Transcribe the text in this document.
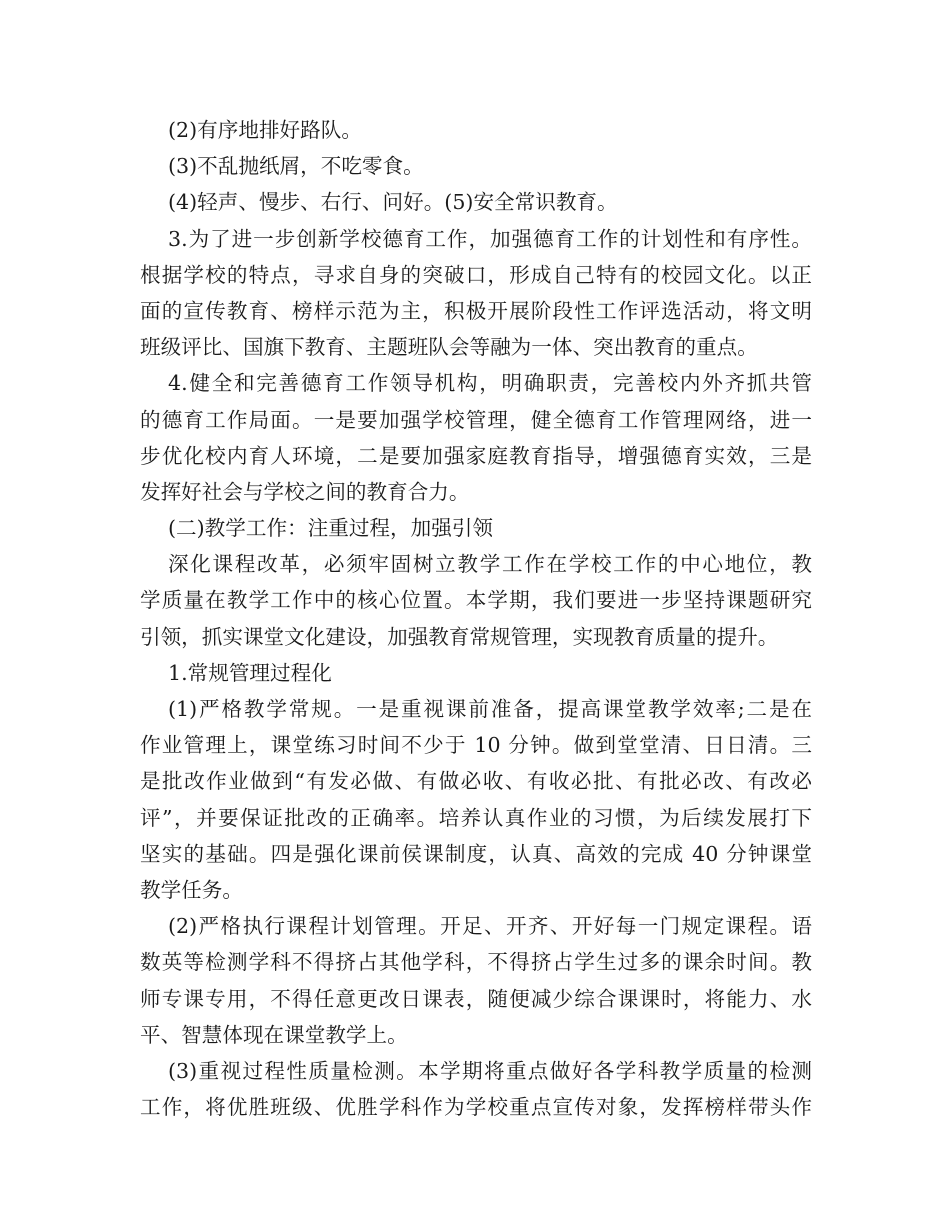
(2)有序地排好路队。
(3)不乱抛纸屑，不吃零食。
(4)轻声、慢步、右行、问好。(5)安全常识教育。
3.为了进一步创新学校德育工作，加强德育工作的计划性和有序性。
根据学校的特点，寻求自身的突破口，形成自己特有的校园文化。以正
面的宣传教育、榜样示范为主，积极开展阶段性工作评选活动，将文明
班级评比、国旗下教育、主题班队会等融为一体、突出教育的重点。
4.健全和完善德育工作领导机构，明确职责，完善校内外齐抓共管
的德育工作局面。一是要加强学校管理，健全德育工作管理网络，进一
步优化校内育人环境，二是要加强家庭教育指导，增强德育实效，三是
发挥好社会与学校之间的教育合力。
(二)教学工作：注重过程，加强引领
深化课程改革，必须牢固树立教学工作在学校工作的中心地位，教
学质量在教学工作中的核心位置。本学期，我们要进一步坚持课题研究
引领，抓实课堂文化建设，加强教育常规管理，实现教育质量的提升。
1.常规管理过程化
(1)严格教学常规。一是重视课前准备，提高课堂教学效率;二是在
作业管理上，课堂练习时间不少于 10 分钟。做到堂堂清、日日清。三
是批改作业做到“有发必做、有做必收、有收必批、有批必改、有改必
评”，并要保证批改的正确率。培养认真作业的习惯，为后续发展打下
坚实的基础。四是强化课前侯课制度，认真、高效的完成 40 分钟课堂
教学任务。
(2)严格执行课程计划管理。开足、开齐、开好每一门规定课程。语
数英等检测学科不得挤占其他学科，不得挤占学生过多的课余时间。教
师专课专用，不得任意更改日课表，随便减少综合课课时，将能力、水
平、智慧体现在课堂教学上。
(3)重视过程性质量检测。本学期将重点做好各学科教学质量的检测
工作，将优胜班级、优胜学科作为学校重点宣传对象，发挥榜样带头作
